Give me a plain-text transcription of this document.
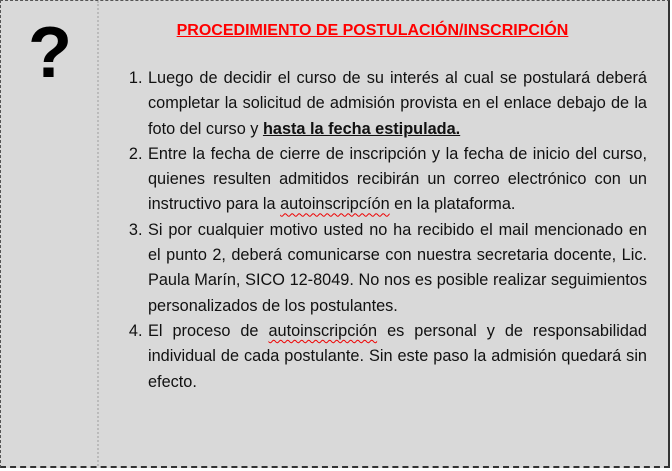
?	PROCEDIMIENTO DE POSTULACIÓN/INSCRIPCIÓN
1. Luego de decidir el curso de su interés al cual se postulará deberá completar la solicitud de admisión provista en el enlace debajo de la foto del curso y hasta la fecha estipulada.
2. Entre la fecha de cierre de inscripción y la fecha de inicio del curso, quienes resulten admitidos recibirán un correo electrónico con un instructivo para la autoinscripcíón en la plataforma.
3. Si por cualquier motivo usted no ha recibido el mail mencionado en el punto 2, deberá comunicarse con nuestra secretaria docente, Lic. Paula Marín, SICO 12-8049. No nos es posible realizar seguimientos personalizados de los postulantes.
4. El proceso de autoinscripción es personal y de responsabilidad individual de cada postulante. Sin este paso la admisión quedará sin efecto.
